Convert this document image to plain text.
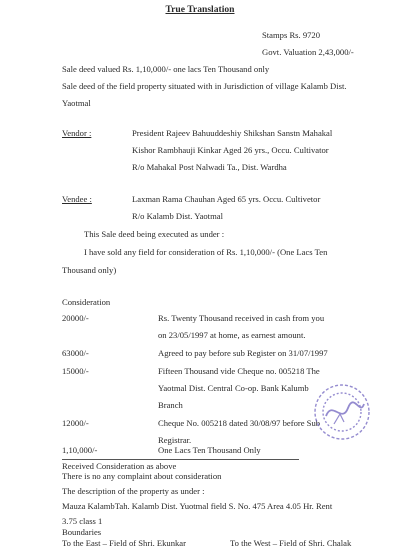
True Translation
Stamps Rs. 9720
Govt. Valuation 2,43,000/-
Sale deed valued Rs. 1,10,000/- one lacs Ten Thousand only
Sale deed of the field property situated with in Jurisdiction of village Kalamb Dist.
Yaotmal
Vendor :	President Rajeev Bahuuddeshiy Shikshan Sanstn Mahakal
Kishor Rambhauji Kinkar Aged 26 yrs., Occu. Cultivator
R/o Mahakal Post Nalwadi Ta., Dist. Wardha
Vendee :	Laxman Rama Chauhan Aged 65 yrs. Occu. Cultivetor
R/o Kalamb Dist. Yaotmal
This Sale deed being executed as under :
I have sold any field for consideration of Rs. 1,10,000/- (One Lacs Ten
Thousand only)
Consideration
20000/-	Rs. Twenty Thousand received in cash from you
on 23/05/1997 at home, as earnest amount.
63000/-	Agreed to pay before sub Register on 31/07/1997
15000/-	Fifteen Thousand vide Cheque no. 005218 The
Yaotmal Dist. Central Co-op. Bank Kalumb
Branch
12000/-	Cheque No. 005218 dated 30/08/97 before Sub
Registrar.
1,10,000/-	One Lacs Ten Thousand Only
Received Consideration as above
There is no any complaint about consideration
The description of the property as under :
Mauza KalambTah. Kalamb Dist. Yuotmal field S. No. 475 Area 4.05 Hr. Rent
3.75 class 1
Boundaries
To the East – Field of Shri. Ekunkar	To the West – Field of Shri. Chalak
